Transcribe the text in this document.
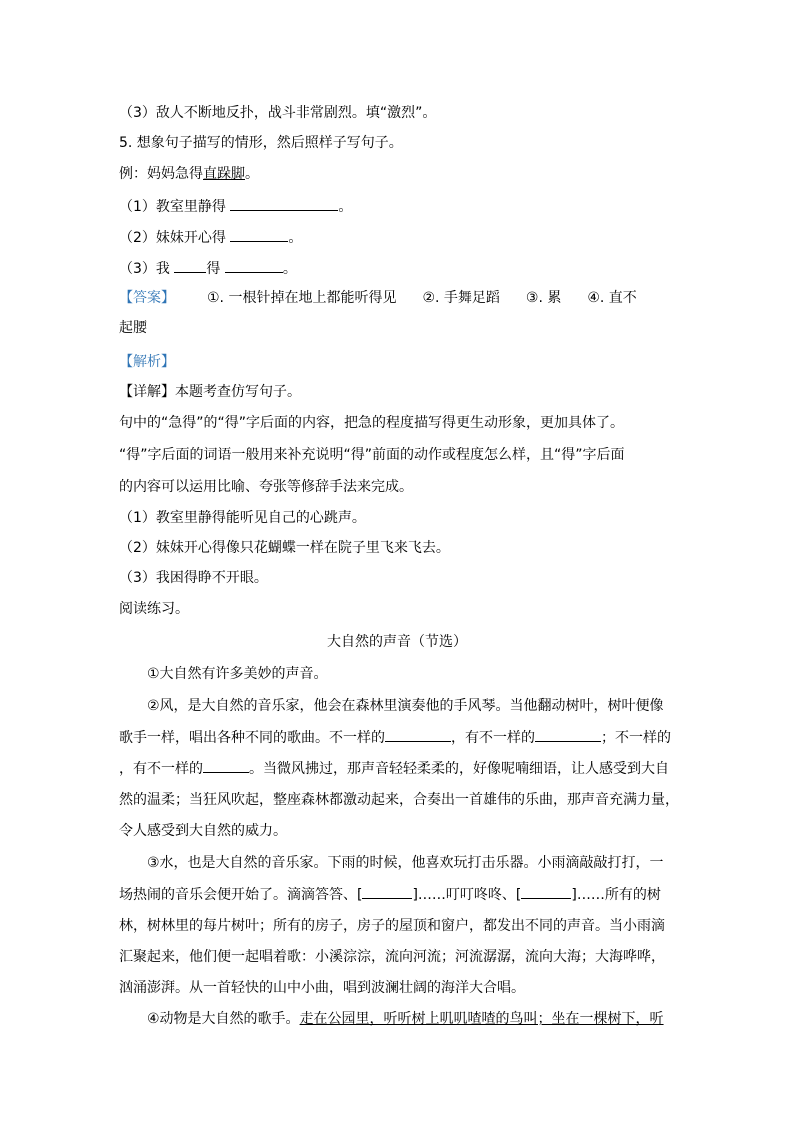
（3）敌人不断地反扑，战斗非常剧烈。填“激烈”。
5. 想象句子描写的情形，然后照样子写句子。
例：妈妈急得直跺脚。
（1）教室里静得	。
（2）妹妹开心得	。
（3）我 得	。
【答案】 ①. 一根针掉在地上都能听得见 ②. 手舞足蹈 ③. 累 ④. 直不
起腰
【解析】
【详解】本题考查仿写句子。
句中的“急得”的“得”字后面的内容，把急的程度描写得更生动形象，更加具体了。
“得”字后面的词语一般用来补充说明“得”前面的动作或程度怎么样，且“得”字后面
的内容可以运用比喻、夸张等修辞手法来完成。
（1）教室里静得能听见自己的心跳声。
（2）妹妹开心得像只花蝴蝶一样在院子里飞来飞去。
（3）我困得睁不开眼。
阅读练习。
大自然的声音（节选）
①大自然有许多美妙的声音。
②风，是大自然的音乐家，他会在森林里演奏他的手风琴。当他翻动树叶，树叶便像
歌手一样，唱出各种不同的歌曲。不一样的	，有不一样的	；不一样的
，有不一样的	。当微风拂过，那声音轻轻柔柔的，好像呢喃细语，让人感受到大自
然的温柔；当狂风吹起，整座森林都激动起来，合奏出一首雄伟的乐曲，那声音充满力量，
令人感受到大自然的威力。
③水，也是大自然的音乐家。下雨的时候，他喜欢玩打击乐器。小雨滴敲敲打打，一
场热闹的音乐会便开始了。滴滴答答、[	]……叮叮咚咚、[	]……所有的树
林，树林里的每片树叶；所有的房子，房子的屋顶和窗户，都发出不同的声音。当小雨滴
汇聚起来，他们便一起唱着歌：小溪淙淙，流向河流；河流潺潺，流向大海；大海哗哗，
汹涌澎湃。从一首轻快的山中小曲，唱到波澜壮阔的海洋大合唱。
④动物是大自然的歌手。走在公园里，听听树上叽叽喳喳的鸟叫；坐在一棵树下，听
